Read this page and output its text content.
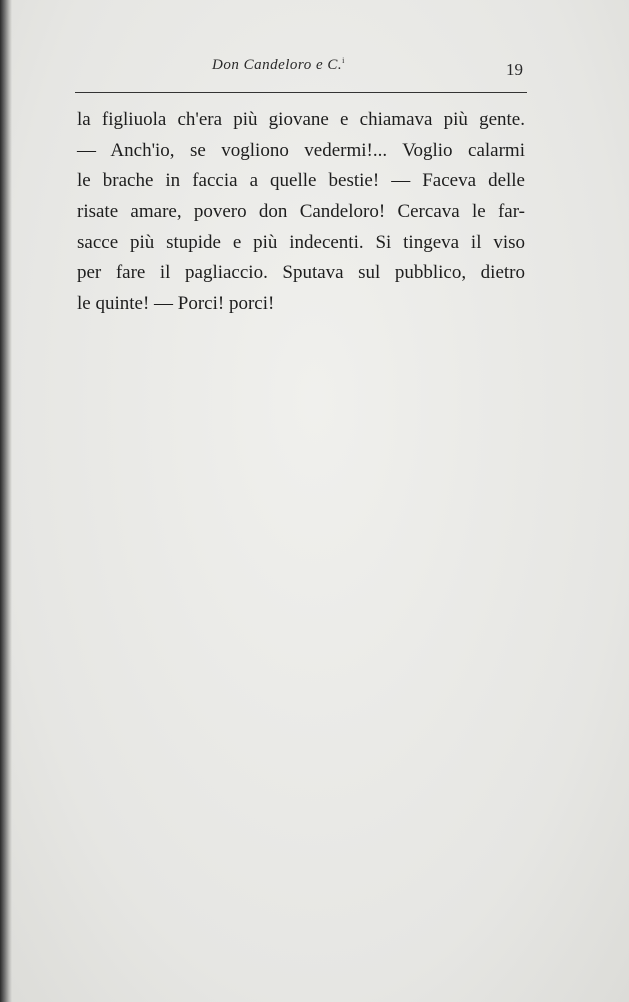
Don Candeloro e C.$^i$	19
la figliuola ch'era più giovane e chiamava più gente.
— Anch'io, se vogliono vedermi!... Voglio calarmi
le brache in faccia a quelle bestie! — Faceva delle
risate amare, povero don Candeloro! Cercava le far-
sacce più stupide e più indecenti. Si tingeva il viso
per fare il pagliaccio. Sputava sul pubblico, dietro
le quinte! — Porci! porci!
